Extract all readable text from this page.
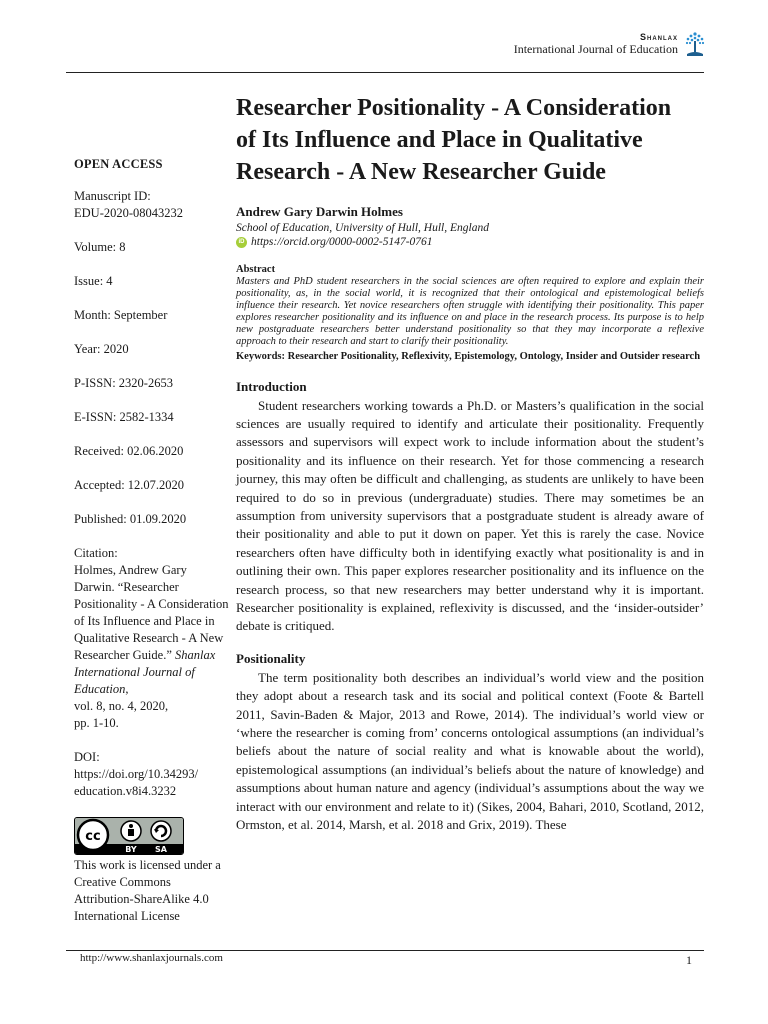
Shanlax
International Journal of Education
OPEN ACCESS
Manuscript ID:
EDU-2020-08043232
Volume: 8
Issue: 4
Month: September
Year: 2020
P-ISSN: 2320-2653
E-ISSN: 2582-1334
Received: 02.06.2020
Accepted: 12.07.2020
Published: 01.09.2020
Citation:
Holmes, Andrew Gary Darwin. “Researcher Positionality - A Consideration of Its Influence and Place in Qualitative Research - A New Researcher Guide.” Shanlax International Journal of Education,
vol. 8, no. 4, 2020,
pp. 1-10.
DOI:
https://doi.org/10.34293/
education.v8i4.3232
cc
BY SA
This work is licensed under a Creative Commons Attribution-ShareAlike 4.0 International License
Researcher Positionality - A Consideration of Its Influence and Place in Qualitative Research - A New Researcher Guide
Andrew Gary Darwin Holmes
School of Education, University of Hull, Hull, England
iD https://orcid.org/0000-0002-5147-0761
Abstract

Masters and PhD student researchers in the social sciences are often required to explore and explain their positionality, as, in the social world, it is recognized that their ontological and epistemological beliefs influence their research. Yet novice researchers often struggle with identifying their positionality. This paper explores researcher positionality and its influence on and place in the research process. Its purpose is to help new postgraduate researchers better understand positionality so that they may incorporate a reflexive approach to their research and start to clarify their positionality.

Keywords: Researcher Positionality, Reflexivity, Epistemology, Ontology, Insider and Outsider research
Introduction

Student researchers working towards a Ph.D. or Masters’s qualification in the social sciences are usually required to identify and articulate their positionality. Frequently assessors and supervisors will expect work to include information about the student’s positionality and its influence on their research. Yet for those commencing a research journey, this may often be difficult and challenging, as students are unlikely to have been required to do so in previous (undergraduate) studies. There may sometimes be an assumption from university supervisors that a postgraduate student is already aware of their positionality and able to put it down on paper. Yet this is rarely the case. Novice researchers often have difficulty both in identifying exactly what positionality is and in outlining their own. This paper explores researcher positionality and its influence on the research process, so that new researchers may better understand why it is important. Researcher positionality is explained, reflexivity is discussed, and the ‘insider-outsider’ debate is critiqued.

Positionality

The term positionality both describes an individual’s world view and the position they adopt about a research task and its social and political context (Foote & Bartell 2011, Savin-Baden & Major, 2013 and Rowe, 2014). The individual’s world view or ‘where the researcher is coming from’ concerns ontological assumptions (an individual’s beliefs about the nature of social reality and what is knowable about the world), epistemological assumptions (an individual’s beliefs about the nature of knowledge) and assumptions about human nature and agency (individual’s assumptions about the way we interact with our environment and relate to it) (Sikes, 2004, Bahari, 2010, Scotland, 2012, Ormston, et al. 2014, Marsh, et al. 2018 and Grix, 2019). These

http://www.shanlaxjournals.com	1
